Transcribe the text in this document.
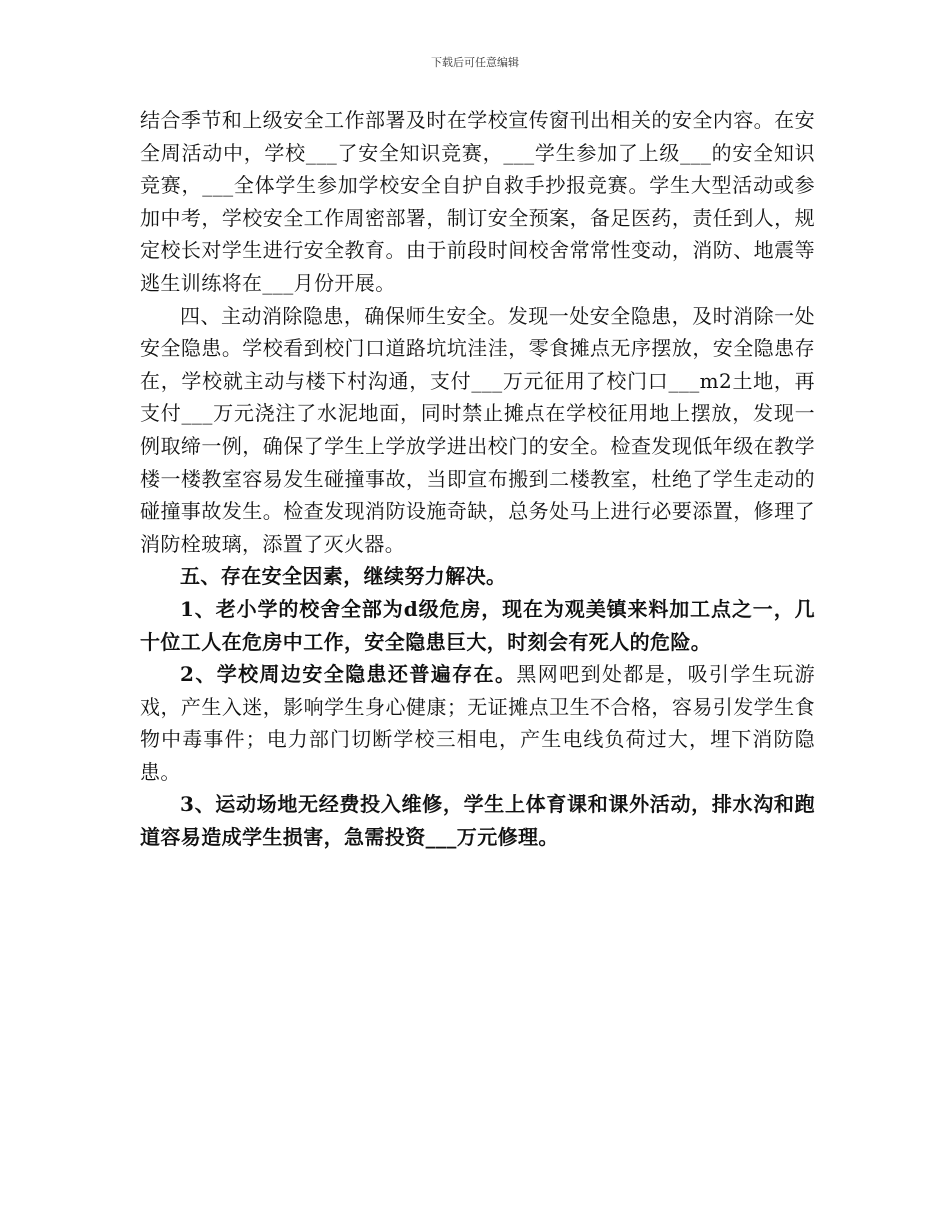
下载后可任意编辑

结合季节和上级安全工作部署及时在学校宣传窗刊出相关的安全内容。在安全周活动中，学校___了安全知识竞赛，___学生参加了上级___的安全知识竞赛，___全体学生参加学校安全自护自救手抄报竞赛。学生大型活动或参加中考，学校安全工作周密部署，制订安全预案，备足医药，责任到人，规定校长对学生进行安全教育。由于前段时间校舍常常性变动，消防、地震等逃生训练将在___月份开展。

四、主动消除隐患，确保师生安全。发现一处安全隐患，及时消除一处安全隐患。学校看到校门口道路坑坑洼洼，零食摊点无序摆放，安全隐患存在，学校就主动与楼下村沟通，支付___万元征用了校门口___m2土地，再支付___万元浇注了水泥地面，同时禁止摊点在学校征用地上摆放，发现一例取缔一例，确保了学生上学放学进出校门的安全。检查发现低年级在教学楼一楼教室容易发生碰撞事故，当即宣布搬到二楼教室，杜绝了学生走动的碰撞事故发生。检查发现消防设施奇缺，总务处马上进行必要添置，修理了消防栓玻璃，添置了灭火器。

五、存在安全因素，继续努力解决。

1、老小学的校舍全部为d级危房，现在为观美镇来料加工点之一，几十位工人在危房中工作，安全隐患巨大，时刻会有死人的危险。

2、学校周边安全隐患还普遍存在。黑网吧到处都是，吸引学生玩游戏，产生入迷，影响学生身心健康；无证摊点卫生不合格，容易引发学生食物中毒事件；电力部门切断学校三相电，产生电线负荷过大，埋下消防隐患。

3、运动场地无经费投入维修，学生上体育课和课外活动，排水沟和跑道容易造成学生损害，急需投资___万元修理。
